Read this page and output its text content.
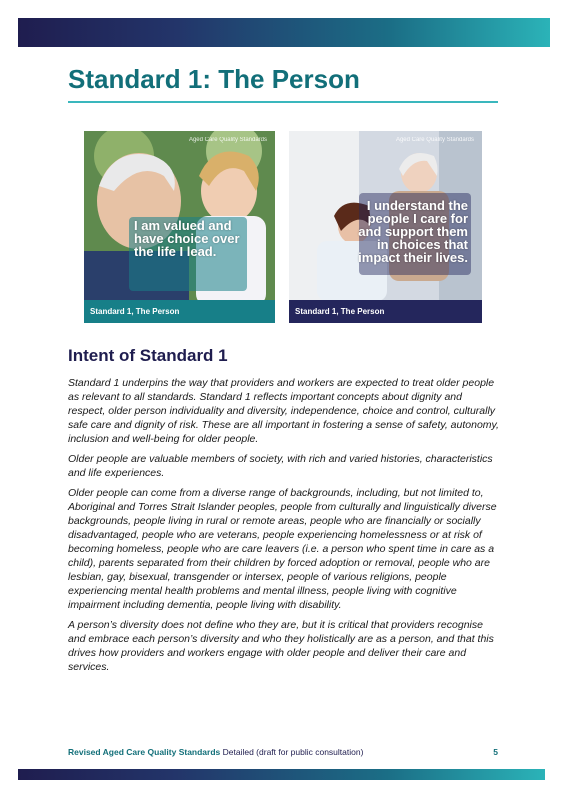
Standard 1: The Person
Aged Care Quality Standards
I am valued and have choice over the life I lead.
Standard 1, The Person
Aged Care Quality Standards
I understand the people I care for and support them in choices that impact their lives.
Standard 1, The Person
Intent of Standard 1

Standard 1 underpins the way that providers and workers are expected to treat older people as relevant to all standards. Standard 1 reflects important concepts about dignity and respect, older person individuality and diversity, independence, choice and control, culturally safe care and dignity of risk. These are all important in fostering a sense of safety, autonomy, inclusion and well-being for older people.

Older people are valuable members of society, with rich and varied histories, characteristics and life experiences.

Older people can come from a diverse range of backgrounds, including, but not limited to, Aboriginal and Torres Strait Islander peoples, people from culturally and linguistically diverse backgrounds, people living in rural or remote areas, people who are financially or socially disadvantaged, people who are veterans, people experiencing homelessness or at risk of becoming homeless, people who are care leavers (i.e. a person who spent time in care as a child), parents separated from their children by forced adoption or removal, people who are lesbian, gay, bisexual, transgender or intersex, people of various religions, people experiencing mental health problems and mental illness, people living with cognitive impairment including dementia, people living with disability.

A person’s diversity does not define who they are, but it is critical that providers recognise and embrace each person’s diversity and who they holistically are as a person, and that this drives how providers and workers engage with older people and deliver their care and services.

Revised Aged Care Quality Standards Detailed (draft for public consultation)	5
